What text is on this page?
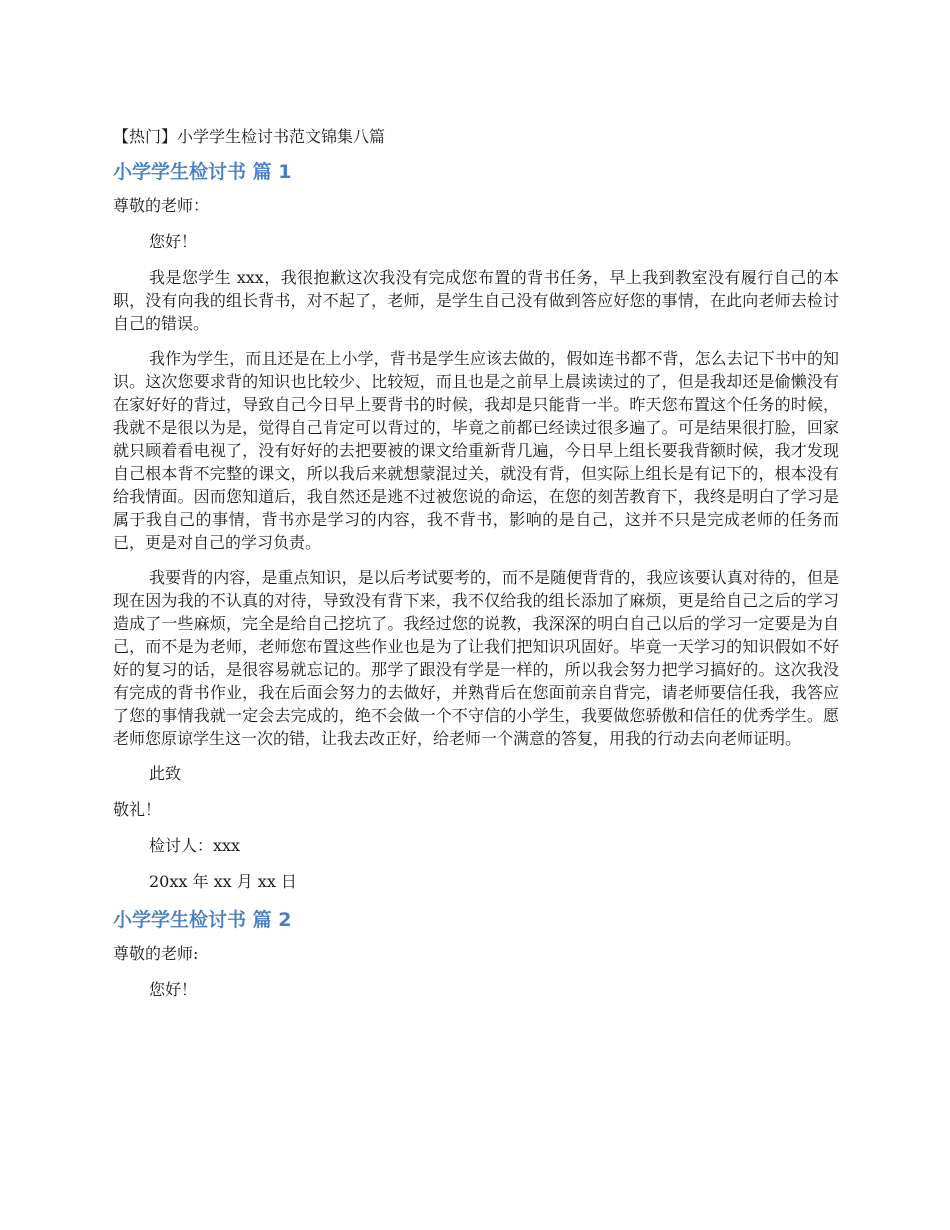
【热门】小学学生检讨书范文锦集八篇
小学学生检讨书 篇 1

尊敬的老师：

您好！

我是您学生 xxx，我很抱歉这次我没有完成您布置的背书任务，早上我到教室没有履行自己的本职，没有向我的组长背书，对不起了，老师，是学生自己没有做到答应好您的事情，在此向老师去检讨自己的错误。

我作为学生，而且还是在上小学，背书是学生应该去做的，假如连书都不背，怎么去记下书中的知识。这次您要求背的知识也比较少、比较短，而且也是之前早上晨读读过的了，但是我却还是偷懒没有在家好好的背过，导致自己今日早上要背书的时候，我却是只能背一半。昨天您布置这个任务的时候，我就不是很以为是，觉得自己肯定可以背过的，毕竟之前都已经读过很多遍了。可是结果很打脸，回家就只顾着看电视了，没有好好的去把要被的课文给重新背几遍，今日早上组长要我背额时候，我才发现自己根本背不完整的课文，所以我后来就想蒙混过关，就没有背，但实际上组长是有记下的，根本没有给我情面。因而您知道后，我自然还是逃不过被您说的命运，在您的刻苦教育下，我终是明白了学习是属于我自己的事情，背书亦是学习的内容，我不背书，影响的是自己，这并不只是完成老师的任务而已，更是对自己的学习负责。

我要背的内容，是重点知识，是以后考试要考的，而不是随便背背的，我应该要认真对待的，但是现在因为我的不认真的对待，导致没有背下来，我不仅给我的组长添加了麻烦，更是给自己之后的学习造成了一些麻烦，完全是给自己挖坑了。我经过您的说教，我深深的明白自己以后的学习一定要是为自己，而不是为老师，老师您布置这些作业也是为了让我们把知识巩固好。毕竟一天学习的知识假如不好好的复习的话，是很容易就忘记的。那学了跟没有学是一样的，所以我会努力把学习搞好的。这次我没有完成的背书作业，我在后面会努力的去做好，并熟背后在您面前亲自背完，请老师要信任我，我答应了您的事情我就一定会去完成的，绝不会做一个不守信的小学生，我要做您骄傲和信任的优秀学生。愿老师您原谅学生这一次的错，让我去改正好，给老师一个满意的答复，用我的行动去向老师证明。

此致

敬礼！

检讨人：xxx

20xx 年 xx 月 xx 日

小学学生检讨书 篇 2

尊敬的老师:

您好！
